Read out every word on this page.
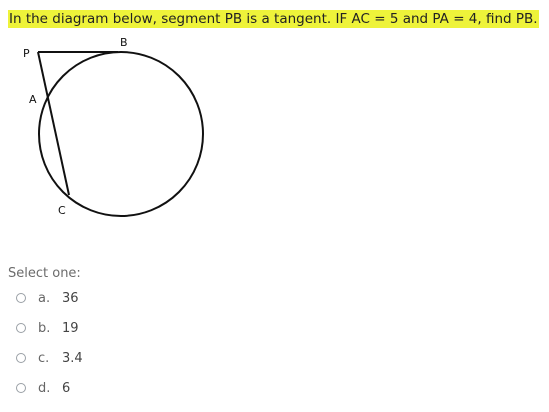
In the diagram below, segment PB is a tangent. IF AC = 5 and PA = 4, find PB.
P
B
A
C
Select one:
a. 36
b. 19
c. 3.4
d. 6
